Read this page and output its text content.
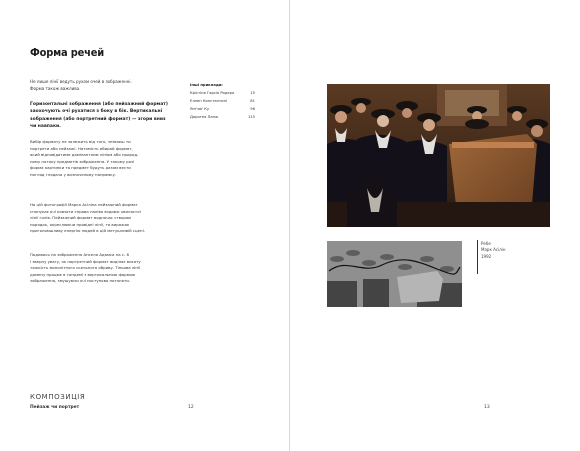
Форма речей
Не лише лінії ведуть рухом очей в зображенні.
Форма також важлива.
Горизонтальні зображення (або пейзажний формат)
заохочують очі рухатися з боку в бік. Вертикальні
зображення (або портретний формат) — згори вниз
чи навпаки.
Вибір формату не залежить від того, знімаєш ти
портрети або пейзажі. Натомість обирай формат,
який відповідатиме домінантним лініям або природ-
ному потоку предметів зображення. У такому разі
форма картинки та предмет будуть разом вести
погляд глядача у визначеному напрямку.
На цій фотографії Марка Асіліна пейзажний формат
спонукає очі ковзати справа наліво вздовж хвилястої
лінії голів. Пейзажний формат водночас створює
порядок, окреслюючи провідні лінії, та виражає
приголомшливу енергію людей в цій метушливій сцені.
Подивись на зображення Анселя Адамса на с. 8
і звернy увагу, як портретний формат виділяє висоту
тяжкість монолітного скельного обриву. Тіньова лінії
домену працює в тандемі з вертикальною формою
зображення, змушуючи очі поступово потопати.
Інші приклади:
Крістіна Гарсія Родеро	15
Еллен Константині	81
Янґзаґ Ку	96
Доротея Ланж	115
КОМПОЗИЦІЯ
Пейзаж чи портрет	12
Ребе
Марк Асілін
1992
13
